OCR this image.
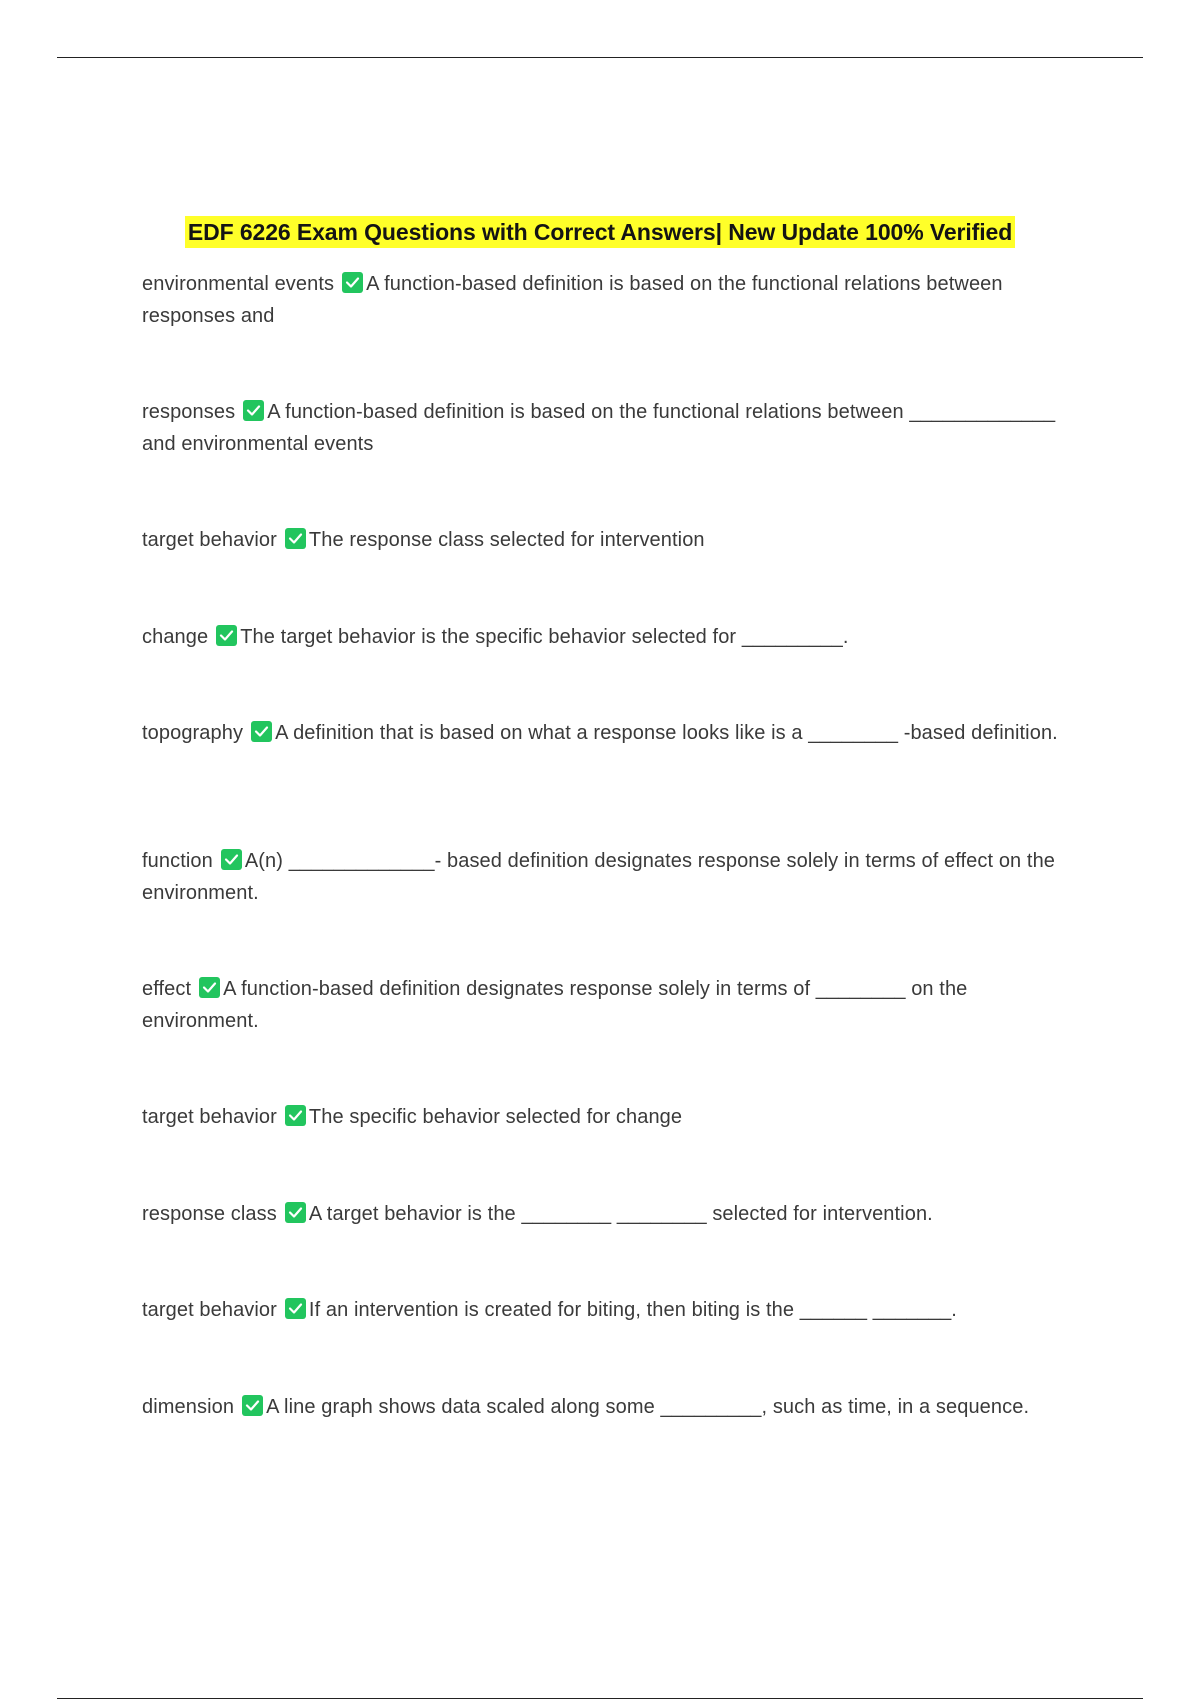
EDF 6226 Exam Questions with Correct Answers| New Update 100% Verified
environmental events A function-based definition is based on the functional relations between responses and
responses A function-based definition is based on the functional relations between _____________ and environmental events
target behavior The response class selected for intervention
change The target behavior is the specific behavior selected for _________.
topography A definition that is based on what a response looks like is a ________ -based definition.
function A(n) _____________- based definition designates response solely in terms of effect on the environment.
effect A function-based definition designates response solely in terms of ________ on the environment.
target behavior The specific behavior selected for change
response class A target behavior is the ________ ________ selected for intervention.
target behavior If an intervention is created for biting, then biting is the ______ _______.
dimension A line graph shows data scaled along some _________, such as time, in a sequence.
